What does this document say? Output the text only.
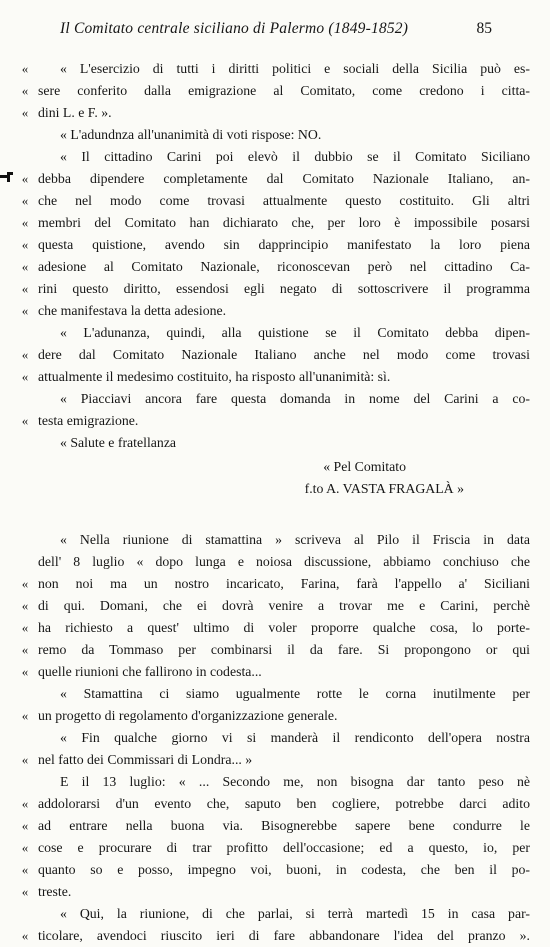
Il Comitato centrale siciliano di Palermo (1849-1852)	85
«	« L'esercizio di tutti i diritti politici e sociali della Sicilia può es-
« sere conferito dalla emigrazione al Comitato, come credono i citta-
« dini L. e F. ».
« L'adundnza all'unanimità di voti rispose: NO.
« Il cittadino Carini poi elevò il dubbio se il Comitato Siciliano
« debba dipendere completamente dal Comitato Nazionale Italiano, an-
« che nel modo come trovasi attualmente questo costituito. Gli altri
« membri del Comitato han dichiarato che, per loro è impossibile posarsi
« questa quistione, avendo sin dapprincipio manifestato la loro piena
« adesione al Comitato Nazionale, riconoscevan però nel cittadino Ca-
« rini questo diritto, essendosi egli negato di sottoscrivere il programma
« che manifestava la detta adesione.
« L'adunanza, quindi, alla quistione se il Comitato debba dipen-
« dere dal Comitato Nazionale Italiano anche nel modo come trovasi
« attualmente il medesimo costituito, ha risposto all'unanimità: sì.
« Piacciavi ancora fare questa domanda in nome del Carini a co-
« testa emigrazione.
« Salute e fratellanza
« Pel Comitato
f.to A. VASTA FRAGALÀ »
« Nella riunione di stamattina » scriveva al Pilo il Friscia in data
dell' 8 luglio « dopo lunga e noiosa discussione, abbiamo conchiuso che
« non noi ma un nostro incaricato, Farina, farà l'appello a' Siciliani
« di qui. Domani, che ei dovrà venire a trovar me e Carini, perchè
« ha richiesto a quest' ultimo di voler proporre qualche cosa, lo porte-
« remo da Tommaso per combinarsi il da fare. Si propongono or qui
« quelle riunioni che fallirono in codesta...
« Stamattina ci siamo ugualmente rotte le corna inutilmente per
« un progetto di regolamento d'organizzazione generale.
« Fin qualche giorno vi si manderà il rendiconto dell'opera nostra
« nel fatto dei Commissari di Londra... »
E il 13 luglio: « ... Secondo me, non bisogna dar tanto peso nè
« addolorarsi d'un evento che, saputo ben cogliere, potrebbe darci adito
« ad entrare nella buona via. Bisognerebbe sapere bene condurre le
« cose e procurare di trar profitto dell'occasione; ed a questo, io, per
« quanto so e posso, impegno voi, buoni, in codesta, che ben il po-
« treste.
« Qui, la riunione, di che parlai, si terrà martedì 15 in casa par-
« ticolare, avendoci riuscito ieri di fare abbandonare l'idea del pranzo ».
